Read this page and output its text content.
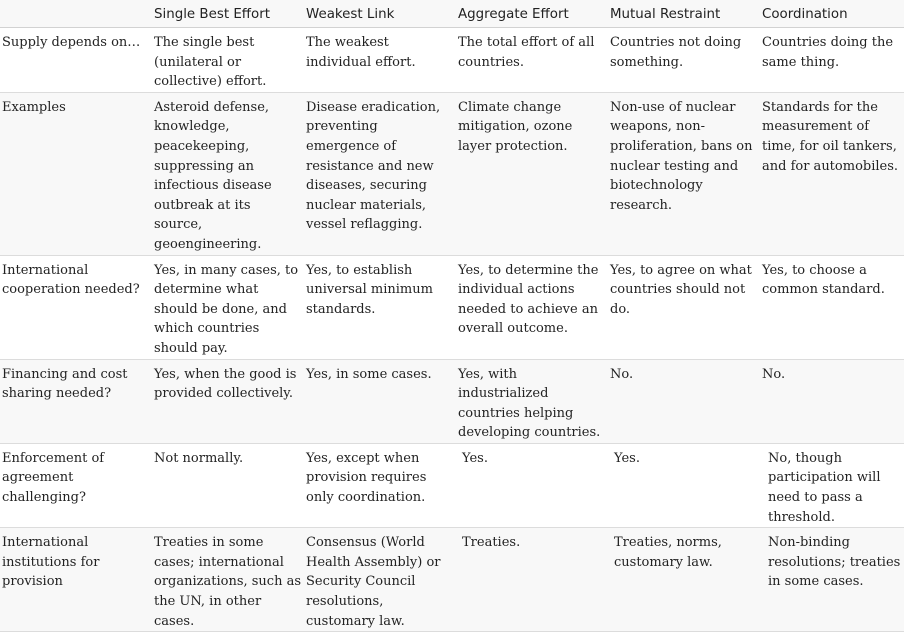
	Single Best Effort	Weakest Link	Aggregate Effort	Mutual Restraint	Coordination
Supply depends on…	The single best (unilateral or collective) effort.	The weakest individual effort.	The total effort of all countries.	Countries not doing something.	Countries doing the same thing.
Examples	Asteroid defense, knowledge, peacekeeping, suppressing an infectious disease outbreak at its source, geoengineering.	Disease eradication, preventing emergence of resistance and new diseases, securing nuclear materials, vessel reflagging.	Climate change mitigation, ozone layer protection.	Non-use of nuclear weapons, non-proliferation, bans on nuclear testing and biotechnology research.	Standards for the measurement of time, for oil tankers, and for automobiles.
International cooperation needed?	Yes, in many cases, to determine what should be done, and which countries should pay.	Yes, to establish universal minimum standards.	Yes, to determine the individual actions needed to achieve an overall outcome.	Yes, to agree on what countries should not do.	Yes, to choose a common standard.
Financing and cost sharing needed?	Yes, when the good is provided collectively.	Yes, in some cases.	Yes, with industrialized countries helping developing countries.	No.	No.
Enforcement of agreement challenging?	Not normally.	Yes, except when provision requires only coordination.	Yes.	Yes.	No, though participation will need to pass a threshold.
International institutions for provision	Treaties in some cases; international organizations, such as the UN, in other cases.	Consensus (World Health Assembly) or Security Council resolutions, customary law.	Treaties.	Treaties, norms, customary law.	Non-binding resolutions; treaties in some cases.
